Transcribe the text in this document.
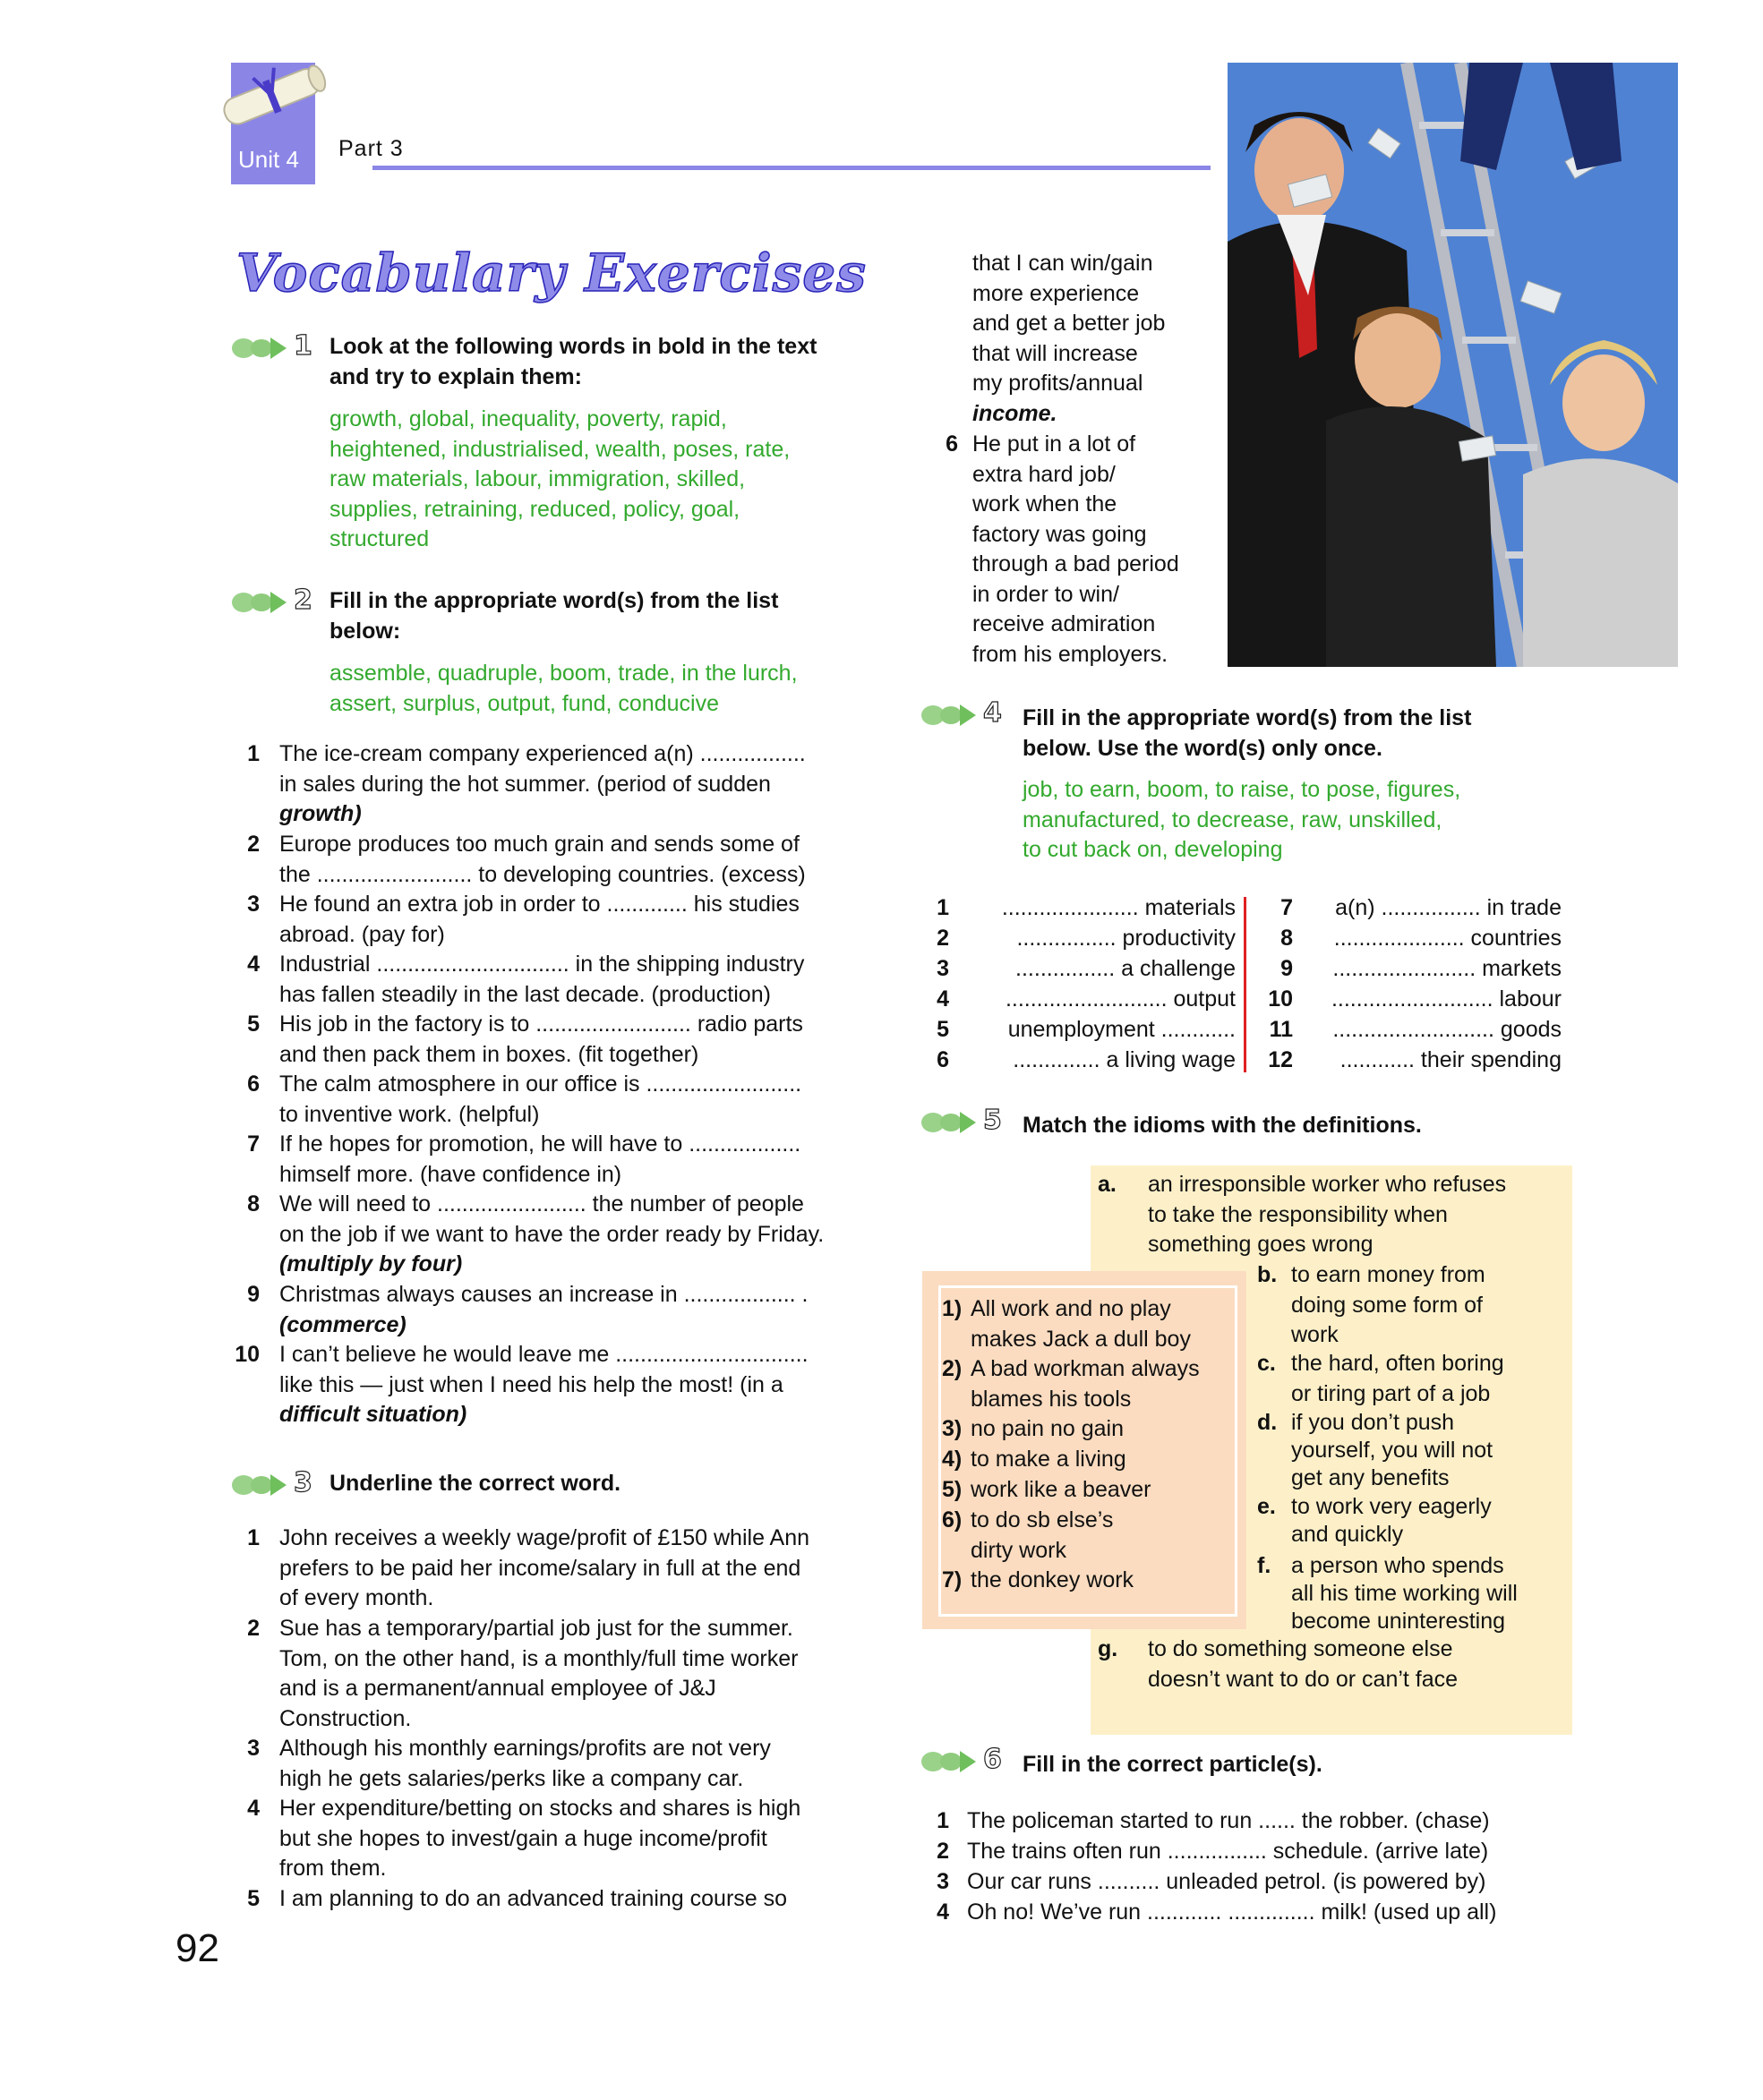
Unit 4 Part 3
Vocabulary Exercises
1 Look at the following words in bold in the text
and try to explain them:
growth, global, inequality, poverty, rapid,
heightened, industrialised, wealth, poses, rate,
raw materials, labour, immigration, skilled,
supplies, retraining, reduced, policy, goal,
structured
2 Fill in the appropriate word(s) from the list
below:
assemble, quadruple, boom, trade, in the lurch,
assert, surplus, output, fund, conducive
1 The ice-cream company experienced a(n) .................
in sales during the hot summer. (period of sudden
growth)
2 Europe produces too much grain and sends some of
the ......................... to developing countries. (excess)
3 He found an extra job in order to ............. his studies
abroad. (pay for)
4 Industrial ............................... in the shipping industry
has fallen steadily in the last decade. (production)
5 His job in the factory is to ......................... radio parts
and then pack them in boxes. (fit together)
6 The calm atmosphere in our office is .........................
to inventive work. (helpful)
7 If he hopes for promotion, he will have to ..................
himself more. (have confidence in)
8 We will need to ........................ the number of people
on the job if we want to have the order ready by Friday.
(multiply by four)
9 Christmas always causes an increase in .................. .
(commerce)
10 I can’t believe he would leave me ...............................
like this — just when I need his help the most! (in a
difficult situation)
3 Underline the correct word.
1 John receives a weekly wage/profit of £150 while Ann
prefers to be paid her income/salary in full at the end
of every month.
2 Sue has a temporary/partial job just for the summer.
Tom, on the other hand, is a monthly/full time worker
and is a permanent/annual employee of J&J
Construction.
3 Although his monthly earnings/profits are not very
high he gets salaries/perks like a company car.
4 Her expenditure/betting on stocks and shares is high
but she hopes to invest/gain a huge income/profit
from them.
5 I am planning to do an advanced training course so
that I can win/gain
more experience
and get a better job
that will increase
my profits/annual
income.
6 He put in a lot of
extra hard job/
work when the
factory was going
through a bad period
in order to win/
receive admiration
from his employers.
4 Fill in the appropriate word(s) from the list
below. Use the word(s) only once.
job, to earn, boom, to raise, to pose, figures,
manufactured, to decrease, raw, unskilled,
to cut back on, developing
1 ...................... materials
2	................ productivity
3	................ a challenge
4	.......................... output
5	unemployment ............
6	.............. a living wage
7 a(n) ................ in trade
8 ..................... countries
9 ....................... markets
10 .......................... labour
11 .......................... goods
12 ............ their spending
5 Match the idioms with the definitions.
a. an irresponsible worker who refuses
to take the responsibility when
something goes wrong
b. to earn money from
doing some form of
work
c. the hard, often boring
or tiring part of a job
d. if you don’t push
yourself, you will not
get any benefits
e. to work very eagerly
and quickly
f. a person who spends
all his time working will
become uninteresting
g. to do something someone else
doesn’t want to do or can’t face
1) All work and no play
makes Jack a dull boy
2) A bad workman always
blames his tools
3) no pain no gain
4) to make a living
5) work like a beaver
6) to do sb else’s
dirty work
7) the donkey work
6 Fill in the correct particle(s).
1 The policeman started to run ...... the robber. (chase)
2 The trains often run ................ schedule. (arrive late)
3 Our car runs .......... unleaded petrol. (is powered by)
4 Oh no! We’ve run ............ .............. milk! (used up all)
92
